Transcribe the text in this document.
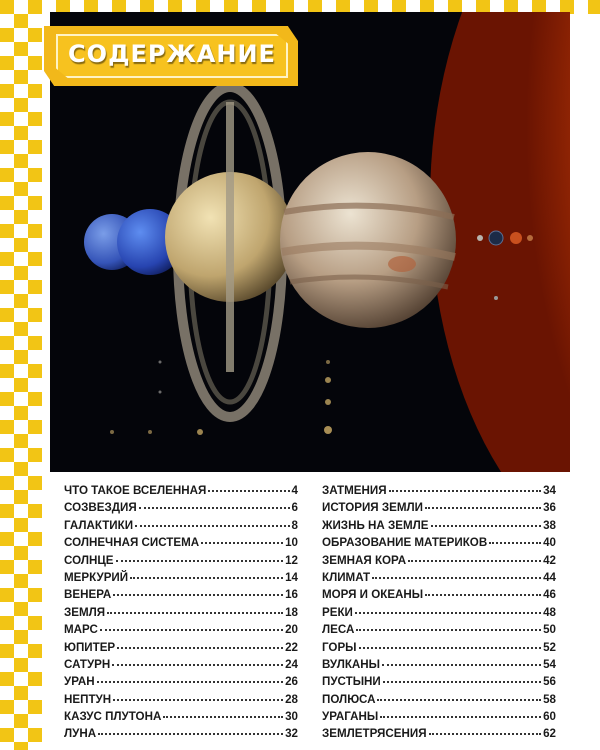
СОДЕРЖАНИЕ
ЧТО ТАКОЕ ВСЕЛЕННАЯ	4
СОЗВЕЗДИЯ	6
ГАЛАКТИКИ	8
СОЛНЕЧНАЯ СИСТЕМА	10
СОЛНЦЕ	12
МЕРКУРИЙ	14
ВЕНЕРА	16
ЗЕМЛЯ	18
МАРС	20
ЮПИТЕР	22
САТУРН	24
УРАН	26
НЕПТУН	28
КАЗУС ПЛУТОНА	30
ЛУНА	32
ЗАТМЕНИЯ	34
ИСТОРИЯ ЗЕМЛИ	36
ЖИЗНЬ НА ЗЕМЛЕ	38
ОБРАЗОВАНИЕ МАТЕРИКОВ	40
ЗЕМНАЯ КОРА	42
КЛИМАТ	44
МОРЯ И ОКЕАНЫ	46
РЕКИ	48
ЛЕСА	50
ГОРЫ	52
ВУЛКАНЫ	54
ПУСТЫНИ	56
ПОЛЮСА	58
УРАГАНЫ	60
ЗЕМЛЕТРЯСЕНИЯ	62
